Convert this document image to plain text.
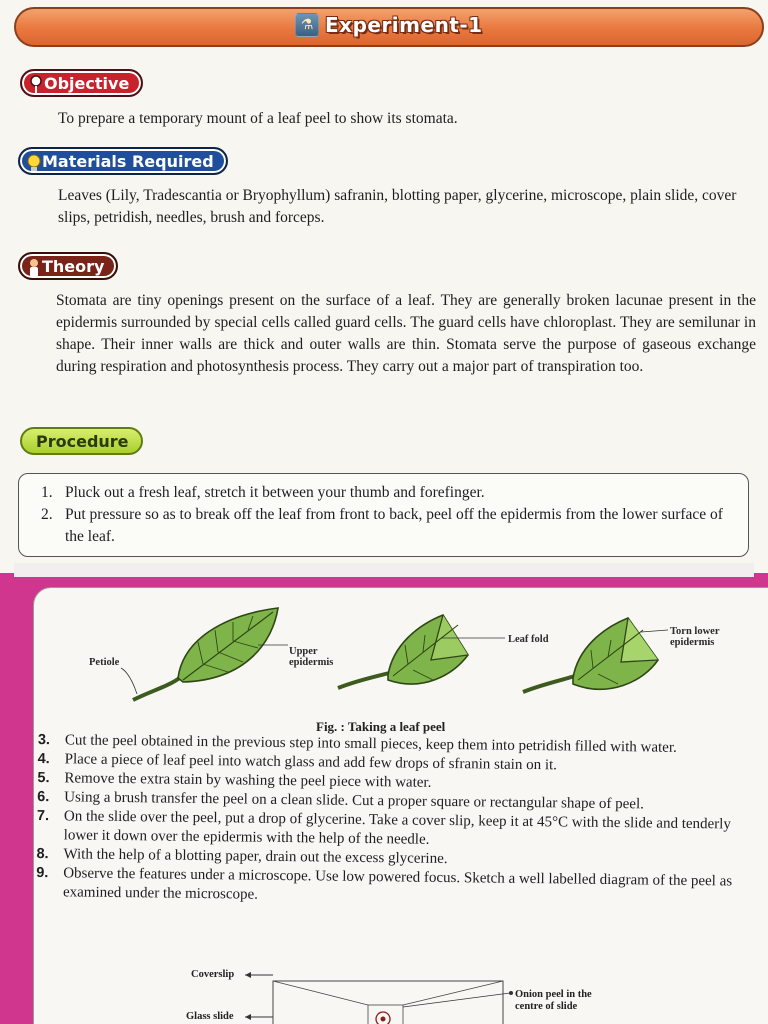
⚗ Experiment-1
Objective

To prepare a temporary mount of a leaf peel to show its stomata.

Materials Required

Leaves (Lily, Tradescantia or Bryophyllum) safranin, blotting paper, glycerine, microscope, plain slide, cover slips, petridish, needles, brush and forceps.

Theory

Stomata are tiny openings present on the surface of a leaf. They are generally broken lacunae present in the epidermis surrounded by special cells called guard cells. The guard cells have chloroplast. They are semilunar in shape. Their inner walls are thick and outer walls are thin. Stomata serve the purpose of gaseous exchange during respiration and photosynthesis process. They carry out a major part of transpiration too.

Procedure
1. Pluck out a fresh leaf, stretch it between your thumb and forefinger.
2. Put pressure so as to break off the leaf from front to back, peel off the epidermis from the lower surface of the leaf.
Petiole
Upper
epidermis
Leaf fold
Torn lower
epidermis
Fig. : Taking a leaf peel
3. Cut the peel obtained in the previous step into small pieces, keep them into petridish filled with water.
4. Place a piece of leaf peel into watch glass and add few drops of sfranin stain on it.
5. Remove the extra stain by washing the peel piece with water.
6. Using a brush transfer the peel on a clean slide. Cut a proper square or rectangular shape of peel.
7. On the slide over the peel, put a drop of glycerine. Take a cover slip, keep it at 45°C with the slide and tenderly lower it down over the epidermis with the help of the needle.
8. With the help of a blotting paper, drain out the excess glycerine.
9. Observe the features under a microscope. Use low powered focus. Sketch a well labelled diagram of the peel as examined under the microscope.
Coverslip
Glass slide
Onion peel in the
centre of slide
